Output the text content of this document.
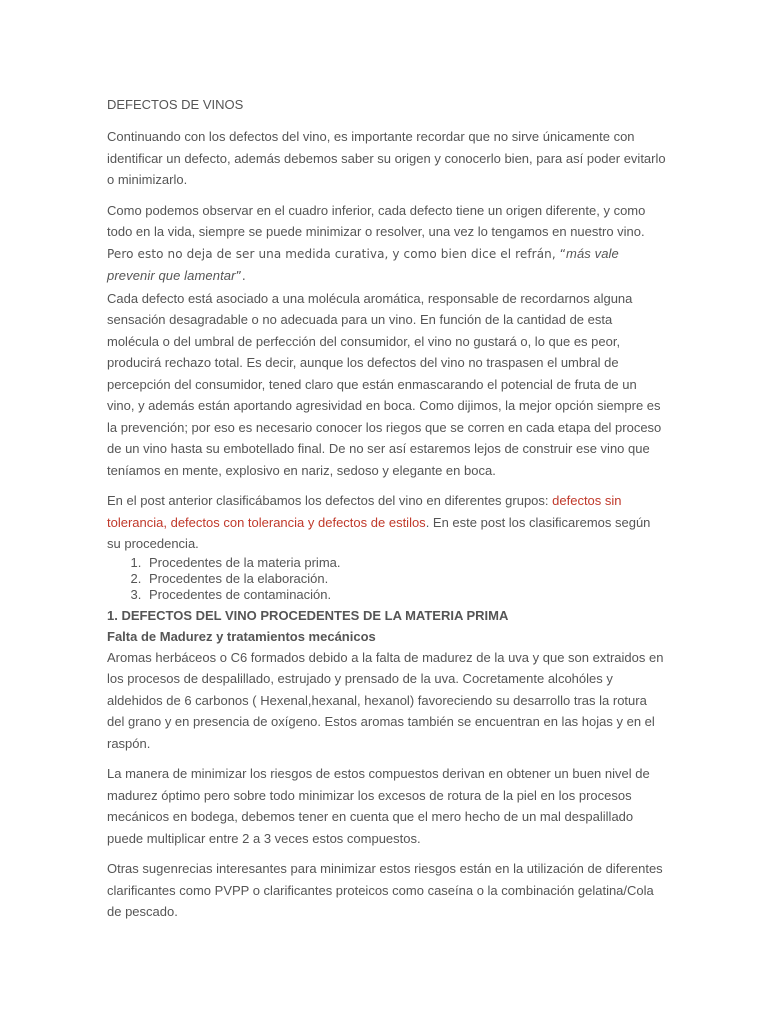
DEFECTOS DE VINOS

Continuando con los defectos del vino, es importante recordar que no sirve únicamente con identificar un defecto, además debemos saber su origen y conocerlo bien, para así poder evitarlo o minimizarlo.

Como podemos observar en el cuadro inferior, cada defecto tiene un origen diferente, y como todo en la vida, siempre se puede minimizar o resolver, una vez lo tengamos en nuestro vino. Pero esto no deja de ser una medida curativa, y como bien dice el refrán, “más vale prevenir que lamentar”.

Cada defecto está asociado a una molécula aromática, responsable de recordarnos alguna sensación desagradable o no adecuada para un vino. En función de la cantidad de esta molécula o del umbral de perfección del consumidor, el vino no gustará o, lo que es peor, producirá rechazo total. Es decir, aunque los defectos del vino no traspasen el umbral de percepción del consumidor, tened claro que están enmascarando el potencial de fruta de un vino, y además están aportando agresividad en boca. Como dijimos, la mejor opción siempre es la prevención; por eso es necesario conocer los riegos que se corren en cada etapa del proceso de un vino hasta su embotellado final. De no ser así estaremos lejos de construir ese vino que teníamos en mente, explosivo en nariz, sedoso y elegante en boca.

En el post anterior clasificábamos los defectos del vino en diferentes grupos: defectos sin tolerancia, defectos con tolerancia y defectos de estilos. En este post los clasificaremos según su procedencia.

1. Procedentes de la materia prima.
2. Procedentes de la elaboración.
3. Procedentes de contaminación.
1. DEFECTOS DEL VINO PROCEDENTES DE LA MATERIA PRIMA
Falta de Madurez y tratamientos mecánicos

Aromas herbáceos o C6 formados debido a la falta de madurez de la uva y que son extraidos en los procesos de despalillado, estrujado y prensado de la uva. Cocretamente alcohóles y aldehidos de 6 carbonos ( Hexenal,hexanal, hexanol) favoreciendo su desarrollo tras la rotura del grano y en presencia de oxígeno. Estos aromas también se encuentran en las hojas y en el raspón.

La manera de minimizar los riesgos de estos compuestos derivan en obtener un buen nivel de madurez óptimo pero sobre todo minimizar los excesos de rotura de la piel en los procesos mecánicos en bodega, debemos tener en cuenta que el mero hecho de un mal despalillado puede multiplicar entre 2 a 3 veces estos compuestos.

Otras sugenrecias interesantes para minimizar estos riesgos están en la utilización de diferentes clarificantes como PVPP o clarificantes proteicos como caseína o la combinación gelatina/Cola de pescado.
